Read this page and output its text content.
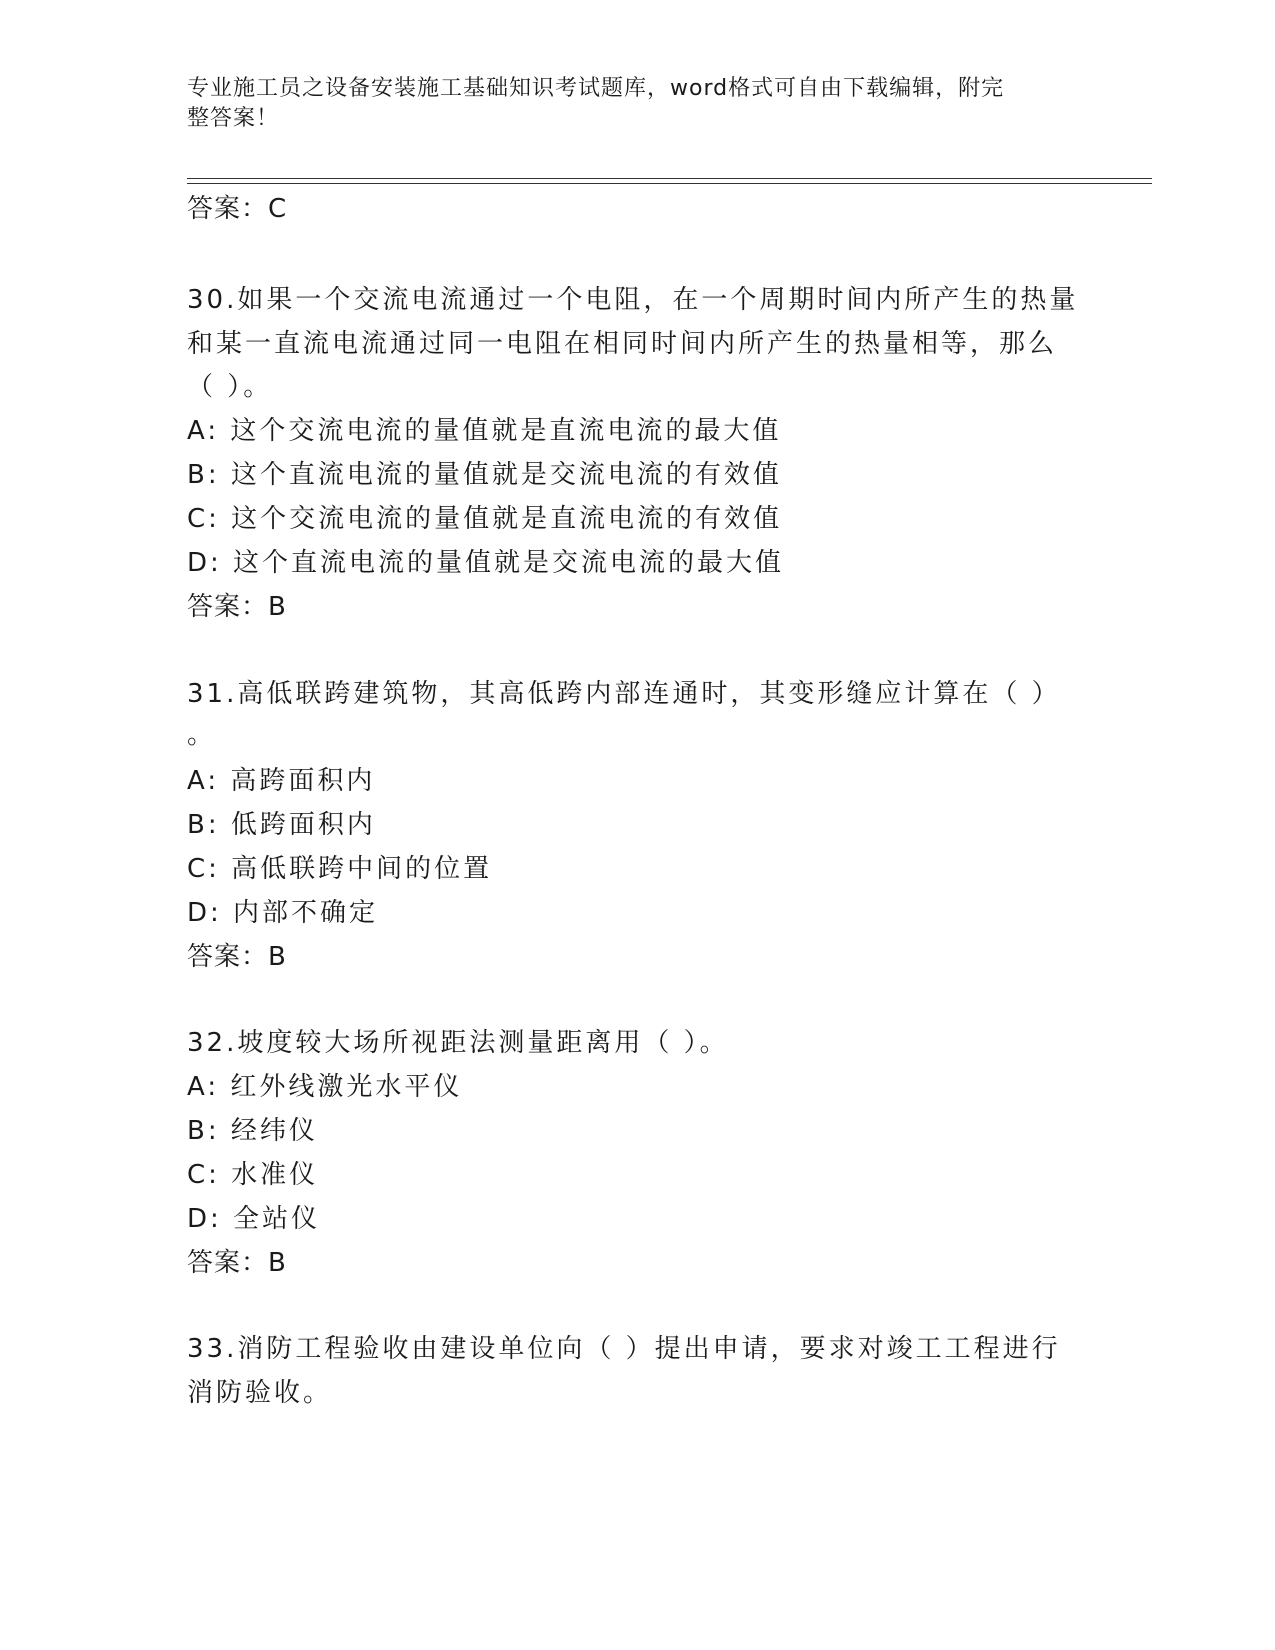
专业施工员之设备安装施工基础知识考试题库，word格式可自由下载编辑，附完
整答案！
答案：C
30.如果一个交流电流通过一个电阻，在一个周期时间内所产生的热量
和某一直流电流通过同一电阻在相同时间内所产生的热量相等，那么
（ ）。
A: 这个交流电流的量值就是直流电流的最大值
B: 这个直流电流的量值就是交流电流的有效值
C: 这个交流电流的量值就是直流电流的有效值
D: 这个直流电流的量值就是交流电流的最大值
答案：B
31.高低联跨建筑物，其高低跨内部连通时，其变形缝应计算在（ ）
。
A: 高跨面积内
B: 低跨面积内
C: 高低联跨中间的位置
D: 内部不确定
答案：B
32.坡度较大场所视距法测量距离用（ ）。
A: 红外线激光水平仪
B: 经纬仪
C: 水准仪
D: 全站仪
答案：B
33.消防工程验收由建设单位向（ ）提出申请，要求对竣工工程进行
消防验收。
